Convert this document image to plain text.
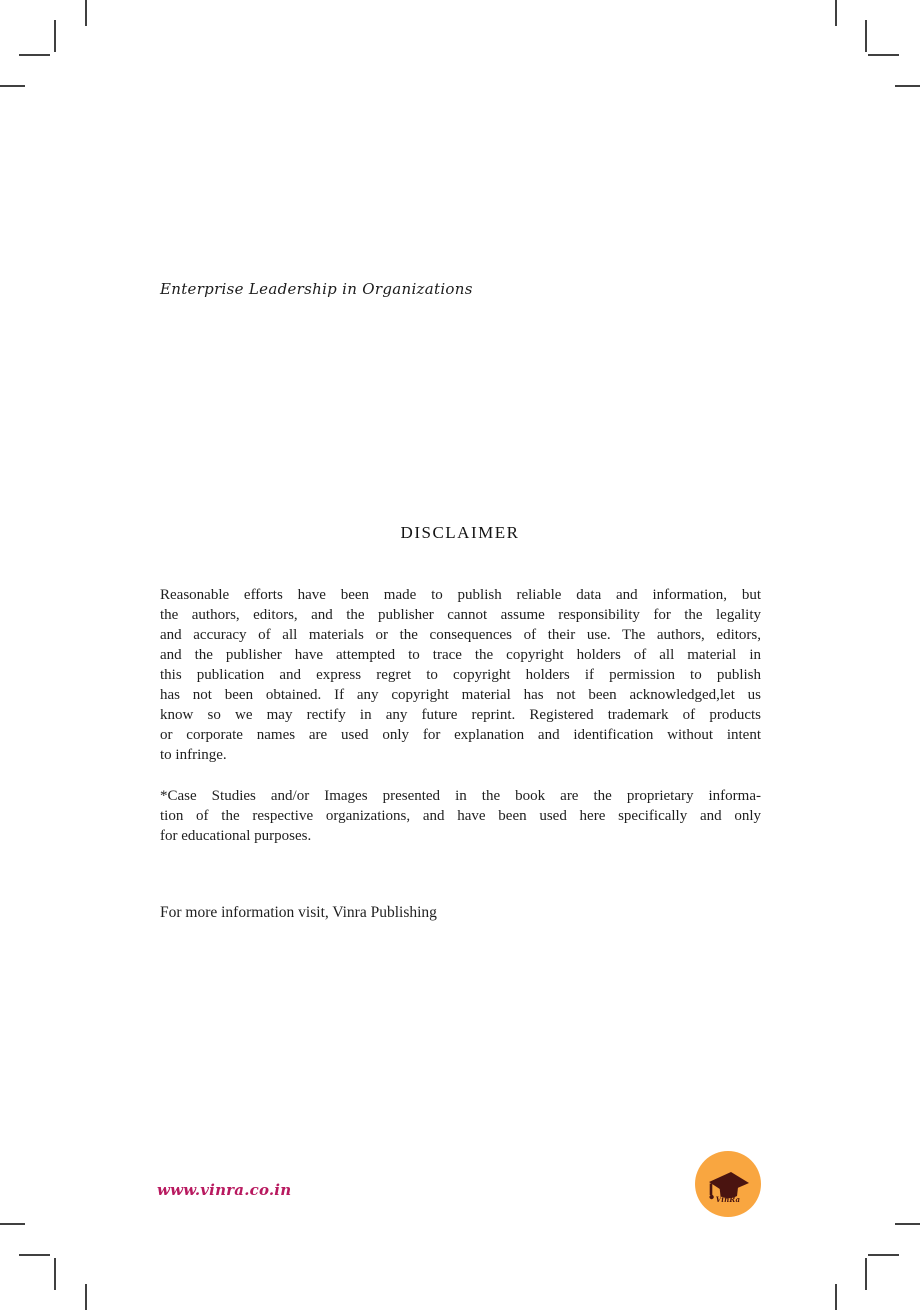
Enterprise Leadership in Organizations
DISCLAIMER
Reasonable efforts have been made to publish reliable data and information, but
the authors, editors, and the publisher cannot assume responsibility for the legality
and accuracy of all materials or the consequences of their use. The authors, editors,
and the publisher have attempted to trace the copyright holders of all material in
this publication and express regret to copyright holders if permission to publish
has not been obtained. If any copyright material has not been acknowledged,let us
know so we may rectify in any future reprint. Registered trademark of products
or corporate names are used only for explanation and identification without intent
to infringe.
*Case Studies and/or Images presented in the book are the proprietary informa-
tion of the respective organizations, and have been used here specifically and only
for educational purposes.
For more information visit, Vinra Publishing
www.vinra.co.in
VinRa
